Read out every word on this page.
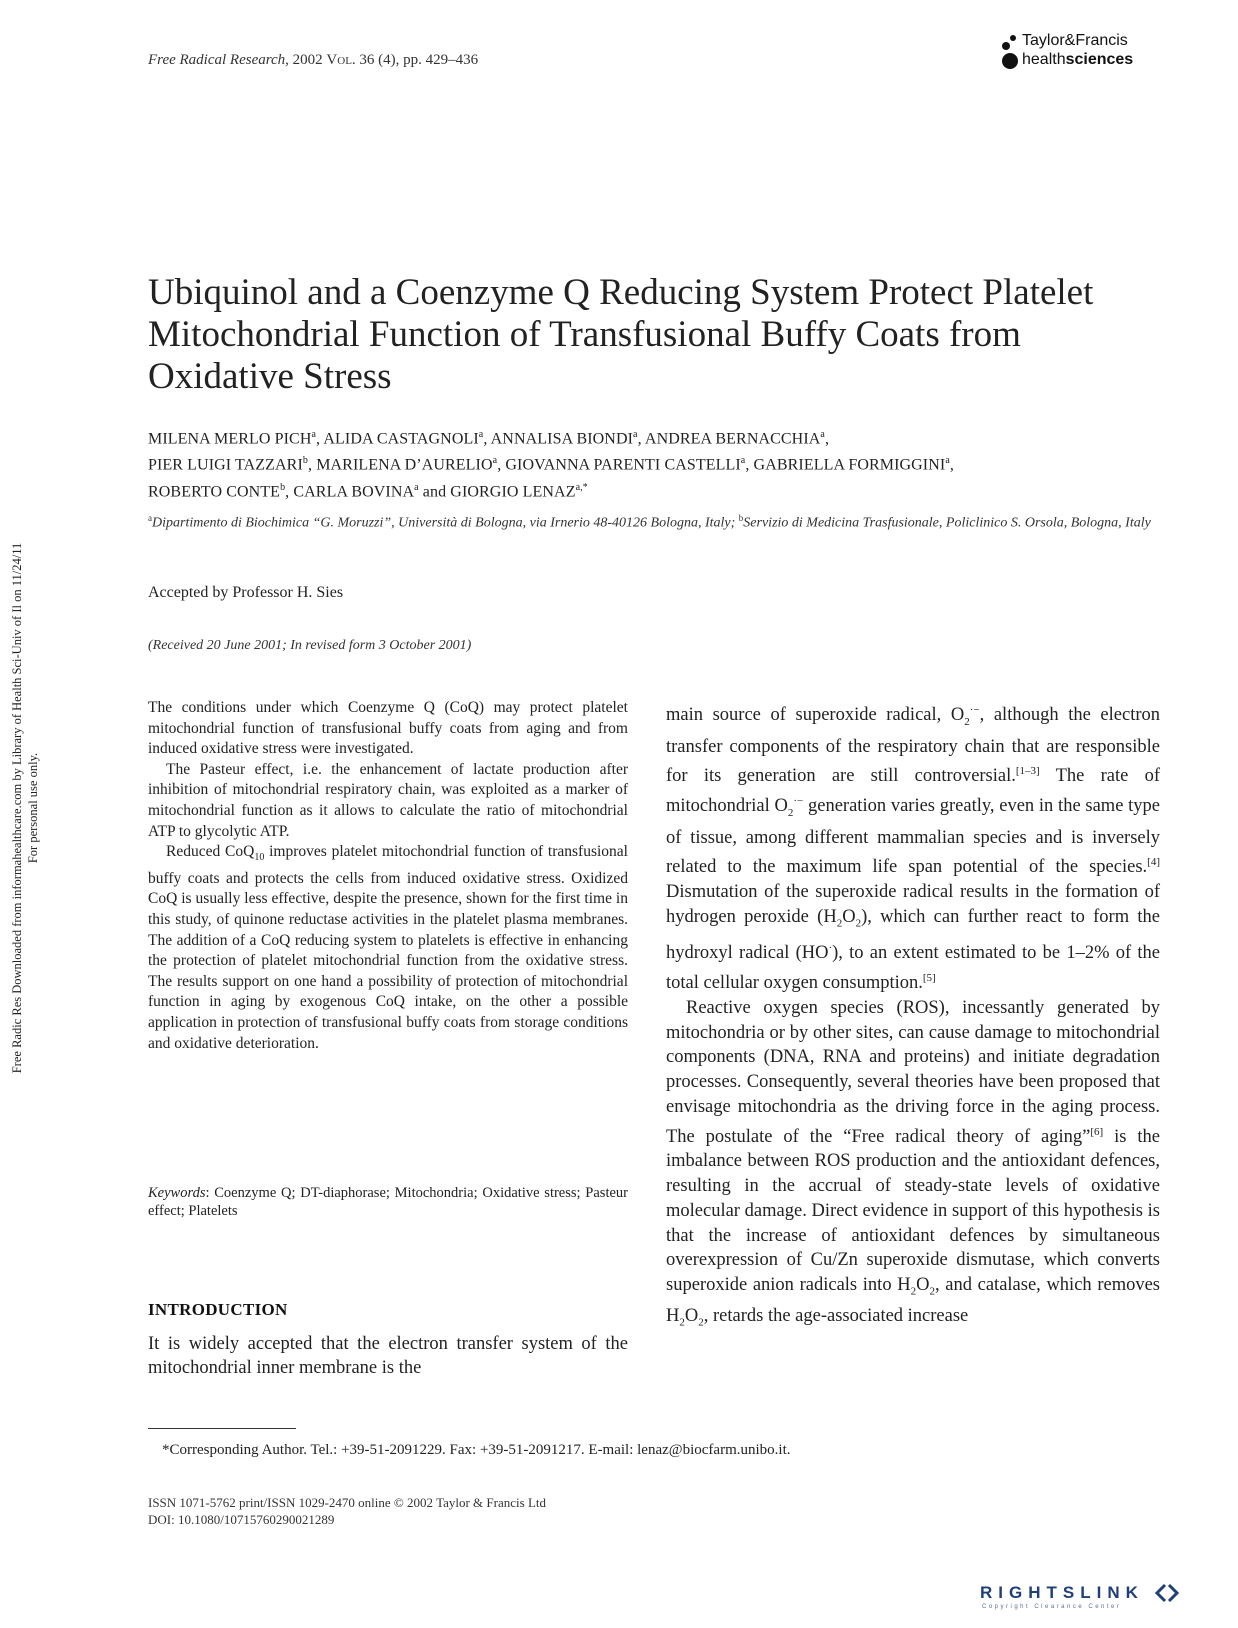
Free Radical Research, 2002 Vol. 36 (4), pp. 429–436
Taylor&Francis
healthsciences
Ubiquinol and a Coenzyme Q Reducing System Protect Platelet Mitochondrial Function of Transfusional Buffy Coats from Oxidative Stress
MILENA MERLO PICH$^a$, ALIDA CASTAGNOLI$^a$, ANNALISA BIONDI$^a$, ANDREA BERNACCHIA$^a$,
PIER LUIGI TAZZARI$^b$, MARILENA D’AURELIO$^a$, GIOVANNA PARENTI CASTELLI$^a$, GABRIELLA FORMIGGINI$^a$,
ROBERTO CONTE$^b$, CARLA BOVINA$^a$ and GIORGIO $LENAZ^{a,*}$
$^a$Dipartimento di Biochimica “G. Moruzzi”, Università di Bologna, via Irnerio 48-40126 Bologna, Italy; $^b$Servizio di Medicina Trasfusionale, Policlinico S. Orsola, Bologna, Italy
Accepted by Professor H. Sies
(Received 20 June 2001; In revised form 3 October 2001)

The conditions under which Coenzyme Q (CoQ) may protect platelet mitochondrial function of transfusional buffy coats from aging and from induced oxidative stress were investigated.

The Pasteur effect, i.e. the enhancement of lactate production after inhibition of mitochondrial respiratory chain, was exploited as a marker of mitochondrial function as it allows to calculate the ratio of mitochondrial ATP to glycolytic ATP.

Reduced CoQ$_{10}$ improves platelet mitochondrial function of transfusional buffy coats and protects the cells from induced oxidative stress. Oxidized CoQ is usually less effective, despite the presence, shown for the first time in this study, of quinone reductase activities in the platelet plasma membranes. The addition of a CoQ reducing system to platelets is effective in enhancing the protection of platelet mitochondrial function from the oxidative stress. The results support on one hand a possibility of protection of mitochondrial function in aging by exogenous CoQ intake, on the other a possible application in protection of transfusional buffy coats from storage conditions and oxidative deterioration.

Keywords: Coenzyme Q; DT-diaphorase; Mitochondria; Oxidative stress; Pasteur effect; Platelets
INTRODUCTION
It is widely accepted that the electron transfer system of the mitochondrial inner membrane is the

main source of superoxide radical, $O_2^{\cdot-}$, although the electron transfer components of the respiratory chain that are responsible for its generation are still controversial.[1–3] The rate of mitochondrial $O_2^{\cdot-}$ generation varies greatly, even in the same type of tissue, among different mammalian species and is inversely related to the maximum life span potential of the species.[4] Dismutation of the superoxide radical results in the formation of hydrogen peroxide $(H_2O_2)$, which can further react to form the hydroxyl radical (HO·), to an extent estimated to be 1–2% of the total cellular oxygen consumption.[5]

Reactive oxygen species (ROS), incessantly generated by mitochondria or by other sites, can cause damage to mitochondrial components (DNA, RNA and proteins) and initiate degradation processes. Consequently, several theories have been proposed that envisage mitochondria as the driving force in the aging process. The postulate of the “Free radical theory of aging”[6] is the imbalance between ROS production and the antioxidant defences, resulting in the accrual of steady-state levels of oxidative molecular damage. Direct evidence in support of this hypothesis is that the increase of antioxidant defences by simultaneous overexpression of Cu/Zn superoxide dismutase, which converts superoxide anion radicals into $H_2O_2$, and catalase, which removes $H_2O_2$, retards the age-associated increase

*Corresponding Author. Tel.: +39-51-2091229. Fax: +39-51-2091217. E-mail: lenaz@biocfarm.unibo.it.
ISSN 1071-5762 print/ISSN 1029-2470 online © 2002 Taylor & Francis Ltd
DOI: 10.1080/10715760290021289
Free Radic Res Downloaded from informahealthcare.com by Library of Health Sci-Univ of Il on 11/24/11 For personal use only.
RIGHTSLINK
Copyright Clearance Center
